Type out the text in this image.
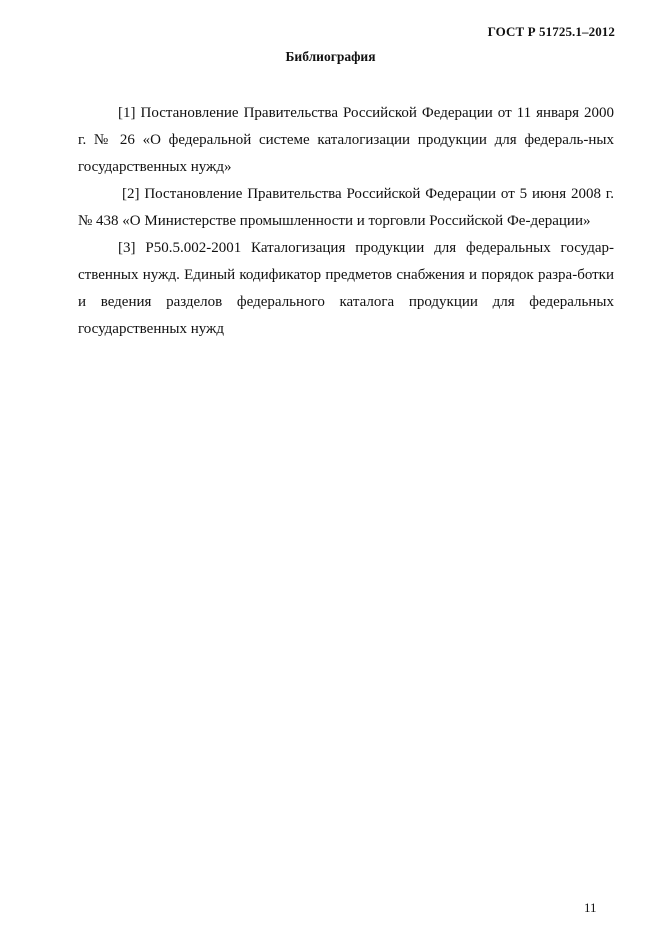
ГОСТ Р 51725.1–2012
Библиография

[1] Постановление Правительства Российской Федерации от 11 января 2000 г. № 26 «О федеральной системе каталогизации продукции для федераль-ных государственных нужд»

[2] Постановление Правительства Российской Федерации от 5 июня 2008 г. № 438 «О Министерстве промышленности и торговли Российской Фе-дерации»

[3] Р50.5.002-2001 Каталогизация продукции для федеральных государ-ственных нужд. Единый кодификатор предметов снабжения и порядок разра-ботки и ведения разделов федерального каталога продукции для федеральных государственных нужд

11
